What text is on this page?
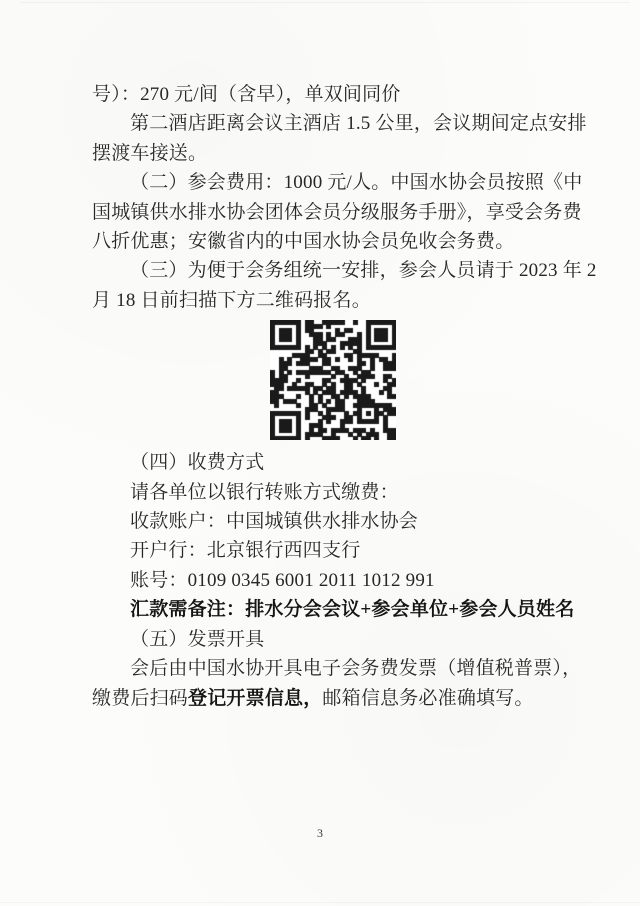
号）：270 元/间（含早），单双间同价
第二酒店距离会议主酒店 1.5 公里，会议期间定点安排
摆渡车接送。
（二）参会费用：1000 元/人。中国水协会员按照《中
国城镇供水排水协会团体会员分级服务手册》，享受会务费
八折优惠；安徽省内的中国水协会员免收会务费。
（三）为便于会务组统一安排，参会人员请于 2023 年 2
月 18 日前扫描下方二维码报名。
（四）收费方式
请各单位以银行转账方式缴费：
收款账户：中国城镇供水排水协会
开户行：北京银行西四支行
账号：0109 0345 6001 2011 1012 991
汇款需备注：排水分会会议+参会单位+参会人员姓名
（五）发票开具
会后由中国水协开具电子会务费发票（增值税普票），
缴费后扫码登记开票信息，邮箱信息务必准确填写。
3
